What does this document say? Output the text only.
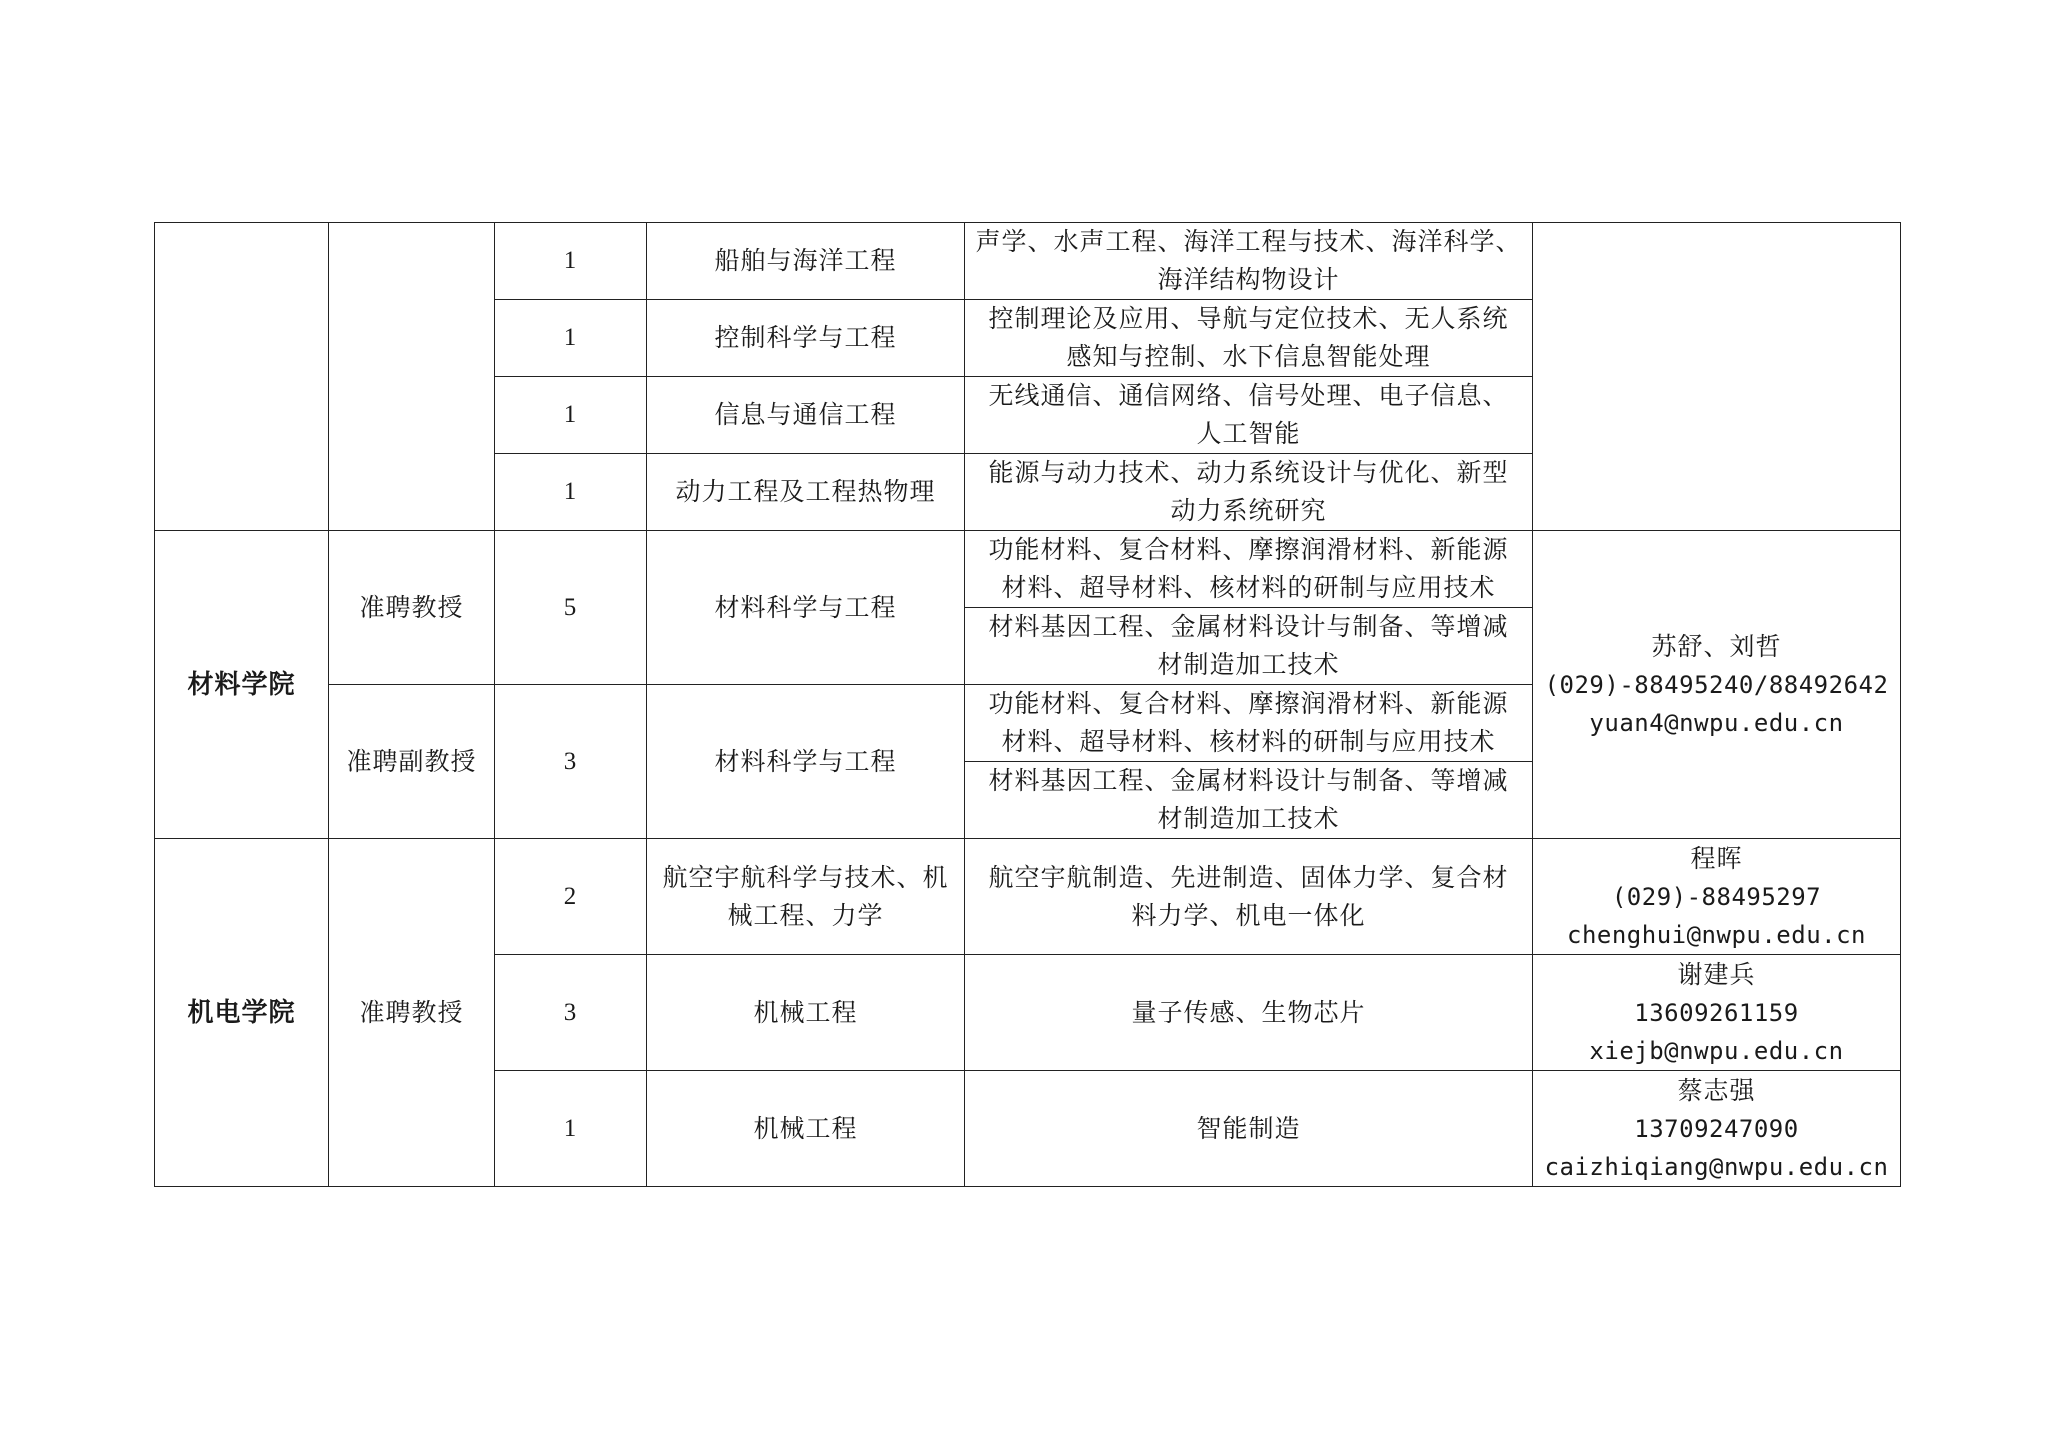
		1	船舶与海洋工程	声学、水声工程、海洋工程与技术、海洋科学、
海洋结构物设计	

		1	控制科学与工程	控制理论及应用、导航与定位技术、无人系统
感知与控制、水下信息智能处理	

		1	信息与通信工程	无线通信、通信网络、信号处理、电子信息、
人工智能	

		1	动力工程及工程热物理	能源与动力技术、动力系统设计与优化、新型
动力系统研究	

材料学院	准聘教授	5	材料科学与工程	功能材料、复合材料、摩擦润滑材料、新能源
材料、超导材料、核材料的研制与应用技术	苏舒、刘哲
(029)-88495240/88492642
yuan4@nwpu.edu.cn

				材料基因工程、金属材料设计与制备、等增减
材制造加工技术	

	准聘副教授	3	材料科学与工程	功能材料、复合材料、摩擦润滑材料、新能源
材料、超导材料、核材料的研制与应用技术	

				材料基因工程、金属材料设计与制备、等增减
材制造加工技术	

机电学院	准聘教授	2	航空宇航科学与技术、机
械工程、力学	航空宇航制造、先进制造、固体力学、复合材
料力学、机电一体化	程晖
(029)-88495297
chenghui@nwpu.edu.cn

		3	机械工程	量子传感、生物芯片	谢建兵
13609261159
xiejb@nwpu.edu.cn

		1	机械工程	智能制造	蔡志强
13709247090
caizhiqiang@nwpu.edu.cn
